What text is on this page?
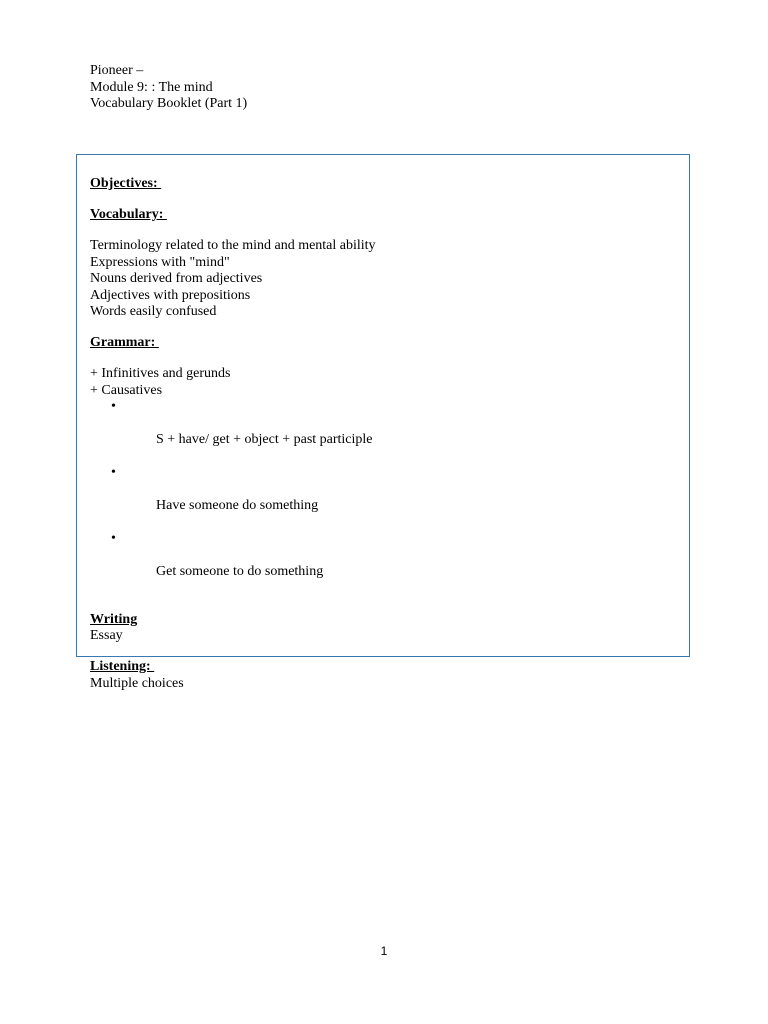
Pioneer –
Module 9: : The mind
Vocabulary Booklet (Part 1)
Objectives:
Vocabulary:
Terminology related to the mind and mental ability
Expressions with "mind"
Nouns derived from adjectives
Adjectives with prepositions
Words easily confused
Grammar:
+ Infinitives and gerunds
+ Causatives

•

S + have/ get + object + past participle

•

Have someone do something

•

Get someone to do something

Writing
Essay
Listening:
Multiple choices
1
